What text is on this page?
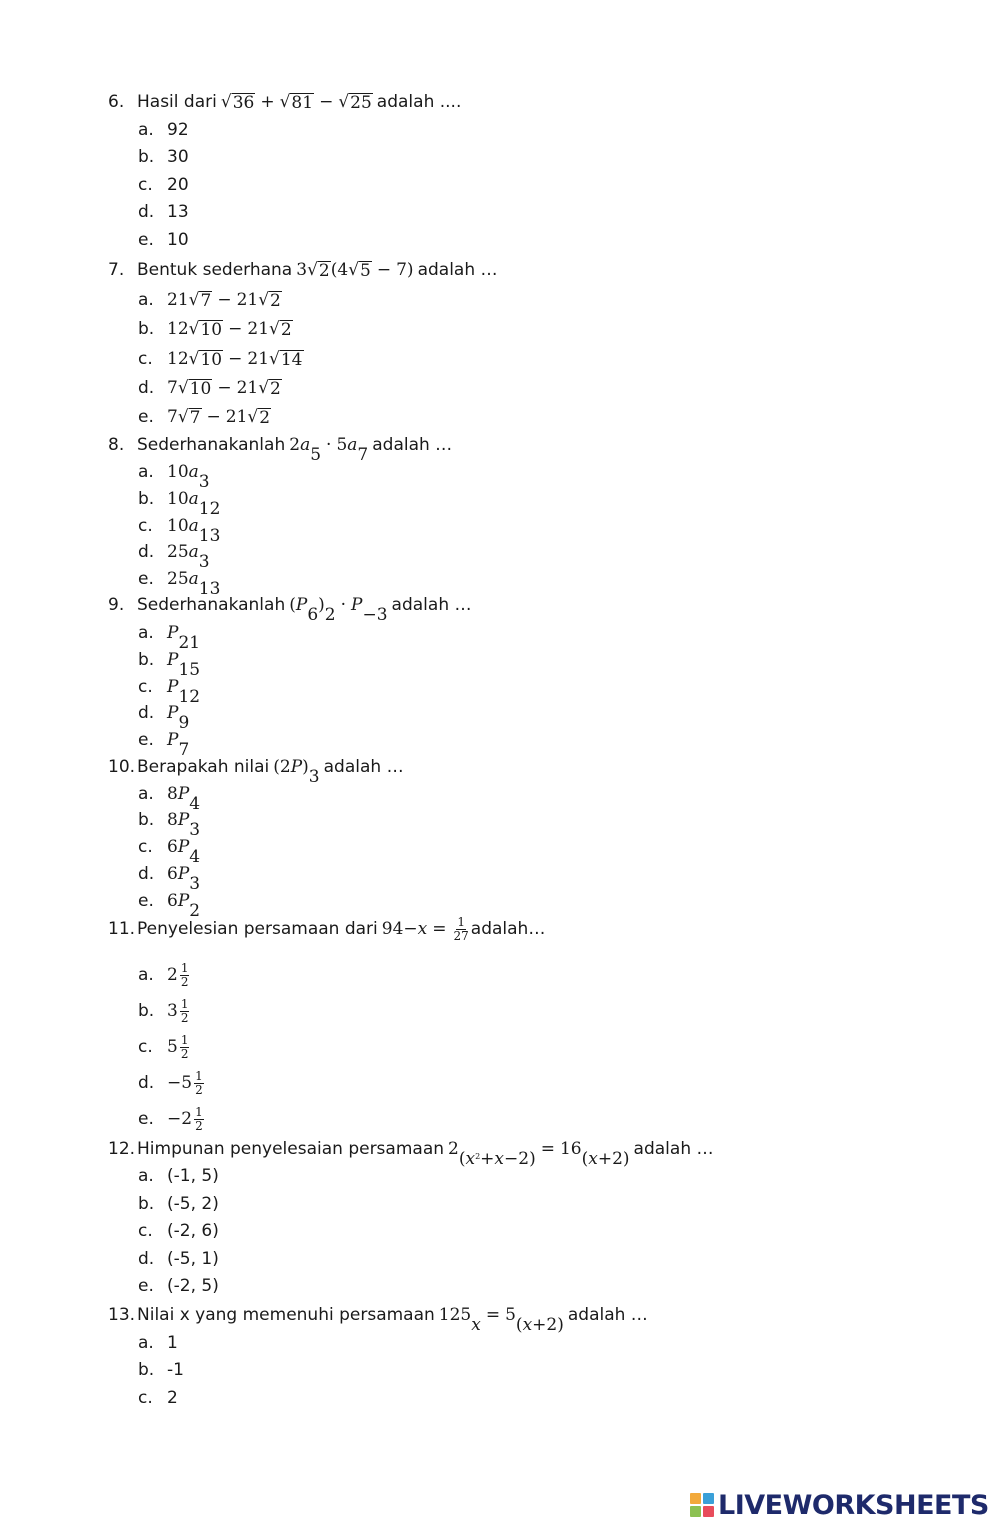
6. Hasil dari √ 36 + √ 81 − √ 25 adalah ....
a. 92
b. 30
c. 20
d. 13
e. 10
7. Bentuk sederhana 3 √ 2 (4 √ 5 − 7) adalah …
a. 21 √ 7 − 21 √ 2
b. 12 √ 10 − 21 √ 2
c. 12 √ 10 − 21 √ 14
d. 7 √ 10 − 21 √ 2
e. 7 √ 7 − 21 √ 2
8. Sederhanakanlah 2 a 5 · 5 a 7 adalah …
a. 10 a 3
b. 10 a 12
c. 10 a 13
d. 25 a 3
e. 25 a 13
9. Sederhanakanlah ( P 6 ) 2 · P −3 adalah …
a. P 21
b. P 15
c. P 12
d. P 9
e. P 7
10. Berapakah nilai (2 P ) 3 adalah …
a. 8 P 4
b. 8 P 3
c. 6 P 4
d. 6 P 3
e. 6 P 2
11. Penyelesian persamaan dari 9 $4-x = \frac{1}{27}$ adalah…
a. $2 \frac{1}{2}$
b. $3 \frac{1}{2}$
c. $5 \frac{1}{2}$
d. $-5 \frac{1}{2}$
e. $-2 \frac{1}{2}$
12. Himpunan penyelesaian persamaan 2 $(x^2+x-2) = 16$ (x+2) adalah …
a. (-1, 5)
b. (-5, 2)
c. (-2, 6)
d. (-5, 1)
e. (-2, 5)
13. Nilai x yang memenuhi persamaan 125 x = 5 (x+2) adalah …
a. 1
b. -1
c. 2
LIVEWORKSHEETS
